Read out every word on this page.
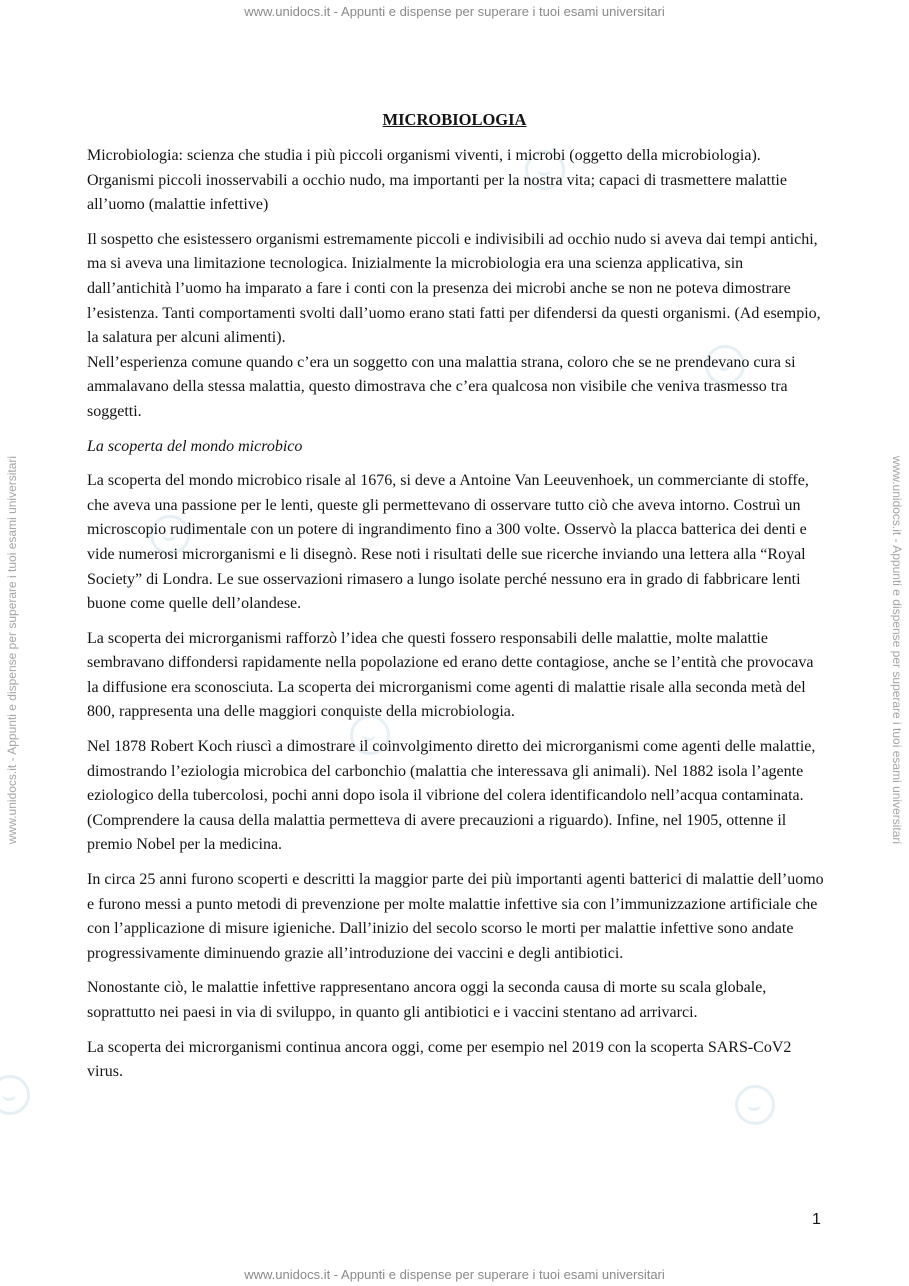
www.unidocs.it - Appunti e dispense per superare i tuoi esami universitari
www.unidocs.it - Appunti e dispense per superare i tuoi esami universitari
www.unidocs.it - Appunti e dispense per superare i tuoi esami universitari	www.unidocs.it - Appunti e dispense per superare i tuoi esami universitari
MICROBIOLOGIA

Microbiologia: scienza che studia i più piccoli organismi viventi, i microbi (oggetto della microbiologia). Organismi piccoli inosservabili a occhio nudo, ma importanti per la nostra vita; capaci di trasmettere malattie all’uomo (malattie infettive)

Il sospetto che esistessero organismi estremamente piccoli e indivisibili ad occhio nudo si aveva dai tempi antichi, ma si aveva una limitazione tecnologica. Inizialmente la microbiologia era una scienza applicativa, sin dall’antichità l’uomo ha imparato a fare i conti con la presenza dei microbi anche se non ne poteva dimostrare l’esistenza. Tanti comportamenti svolti dall’uomo erano stati fatti per difendersi da questi organismi. (Ad esempio, la salatura per alcuni alimenti).

Nell’esperienza comune quando c’era un soggetto con una malattia strana, coloro che se ne prendevano cura si ammalavano della stessa malattia, questo dimostrava che c’era qualcosa non visibile che veniva trasmesso tra soggetti.

La scoperta del mondo microbico

La scoperta del mondo microbico risale al 1676, si deve a Antoine Van Leeuvenhoek, un commerciante di stoffe, che aveva una passione per le lenti, queste gli permettevano di osservare tutto ciò che aveva intorno. Costruì un microscopio rudimentale con un potere di ingrandimento fino a 300 volte. Osservò la placca batterica dei denti e vide numerosi microrganismi e li disegnò. Rese noti i risultati delle sue ricerche inviando una lettera alla “Royal Society” di Londra. Le sue osservazioni rimasero a lungo isolate perché nessuno era in grado di fabbricare lenti buone come quelle dell’olandese.

La scoperta dei microrganismi rafforzò l’idea che questi fossero responsabili delle malattie, molte malattie sembravano diffondersi rapidamente nella popolazione ed erano dette contagiose, anche se l’entità che provocava la diffusione era sconosciuta. La scoperta dei microrganismi come agenti di malattie risale alla seconda metà del 800, rappresenta una delle maggiori conquiste della microbiologia.

Nel 1878 Robert Koch riuscì a dimostrare il coinvolgimento diretto dei microrganismi come agenti delle malattie, dimostrando l’eziologia microbica del carbonchio (malattia che interessava gli animali). Nel 1882 isola l’agente eziologico della tubercolosi, pochi anni dopo isola il vibrione del colera identificandolo nell’acqua contaminata. (Comprendere la causa della malattia permetteva di avere precauzioni a riguardo). Infine, nel 1905, ottenne il premio Nobel per la medicina.

In circa 25 anni furono scoperti e descritti la maggior parte dei più importanti agenti batterici di malattie dell’uomo e furono messi a punto metodi di prevenzione per molte malattie infettive sia con l’immunizzazione artificiale che con l’applicazione di misure igieniche. Dall’inizio del secolo scorso le morti per malattie infettive sono andate progressivamente diminuendo grazie all’introduzione dei vaccini e degli antibiotici.

Nonostante ciò, le malattie infettive rappresentano ancora oggi la seconda causa di morte su scala globale, soprattutto nei paesi in via di sviluppo, in quanto gli antibiotici e i vaccini stentano ad arrivarci.

La scoperta dei microrganismi continua ancora oggi, come per esempio nel 2019 con la scoperta SARS-CoV2 virus.

1
